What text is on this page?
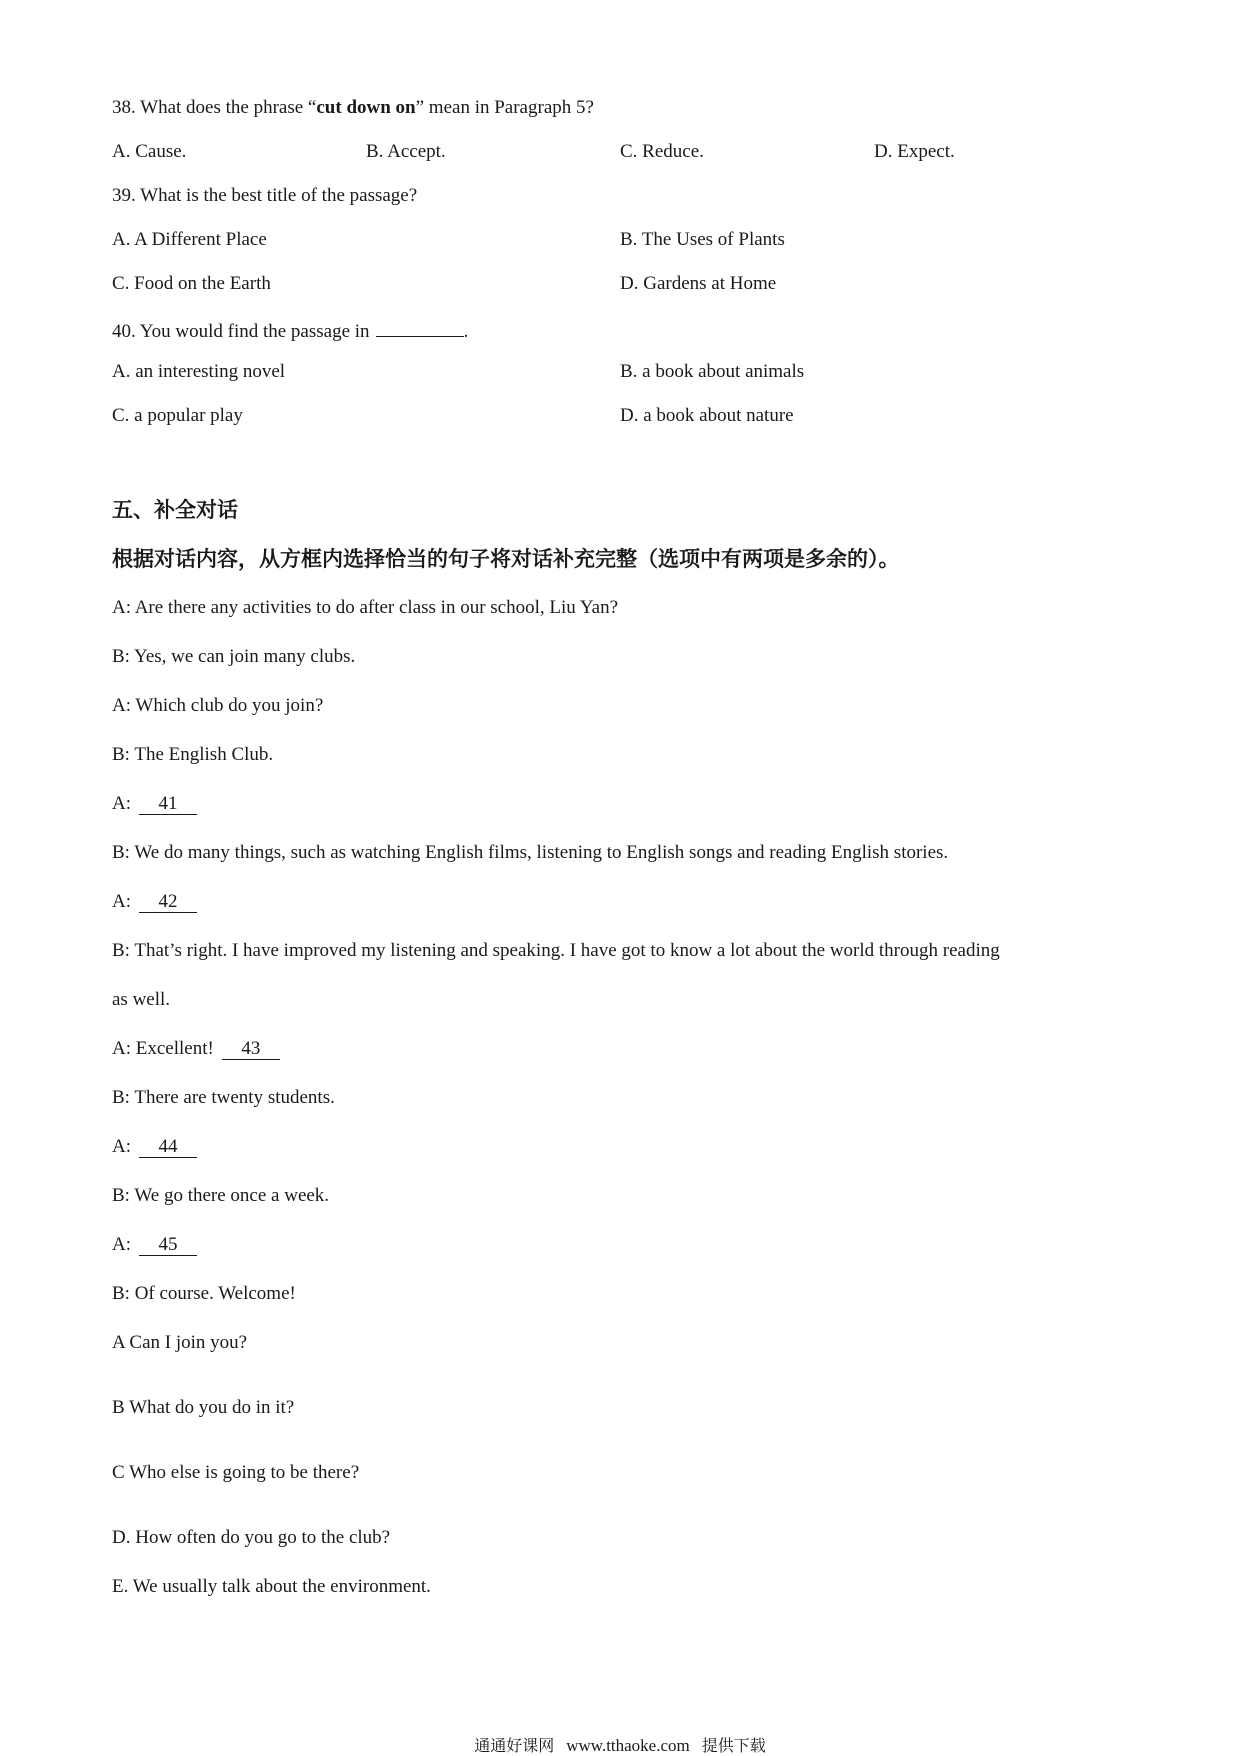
38. What does the phrase “cut down on” mean in Paragraph 5?
A. Cause.	B. Accept.	C. Reduce.	D. Expect.
39. What is the best title of the passage?
A. A Different Place	B. The Uses of Plants
C. Food on the Earth	D. Gardens at Home
40. You would find the passage in	.
A. an interesting novel	B. a book about animals
C. a popular play	D. a book about nature
五、补全对话
根据对话内容，从方框内选择恰当的句子将对话补充完整（选项中有两项是多余的）。
A: Are there any activities to do after class in our school, Liu Yan?
B: Yes, we can join many clubs.
A: Which club do you join?
B: The English Club.
A: 41
B: We do many things, such as watching English films, listening to English songs and reading English stories.
A: 42
B: That’s right. I have improved my listening and speaking. I have got to know a lot about the world through reading
as well.
A: Excellent! 43
B: There are twenty students.
A: 44
B: We go there once a week.
A: 45
B: Of course. Welcome!
A Can I join you?
B What do you do in it?
C Who else is going to be there?
D. How often do you go to the club?
E. We usually talk about the environment.
通通好课网 www.tthaoke.com 提供下载
